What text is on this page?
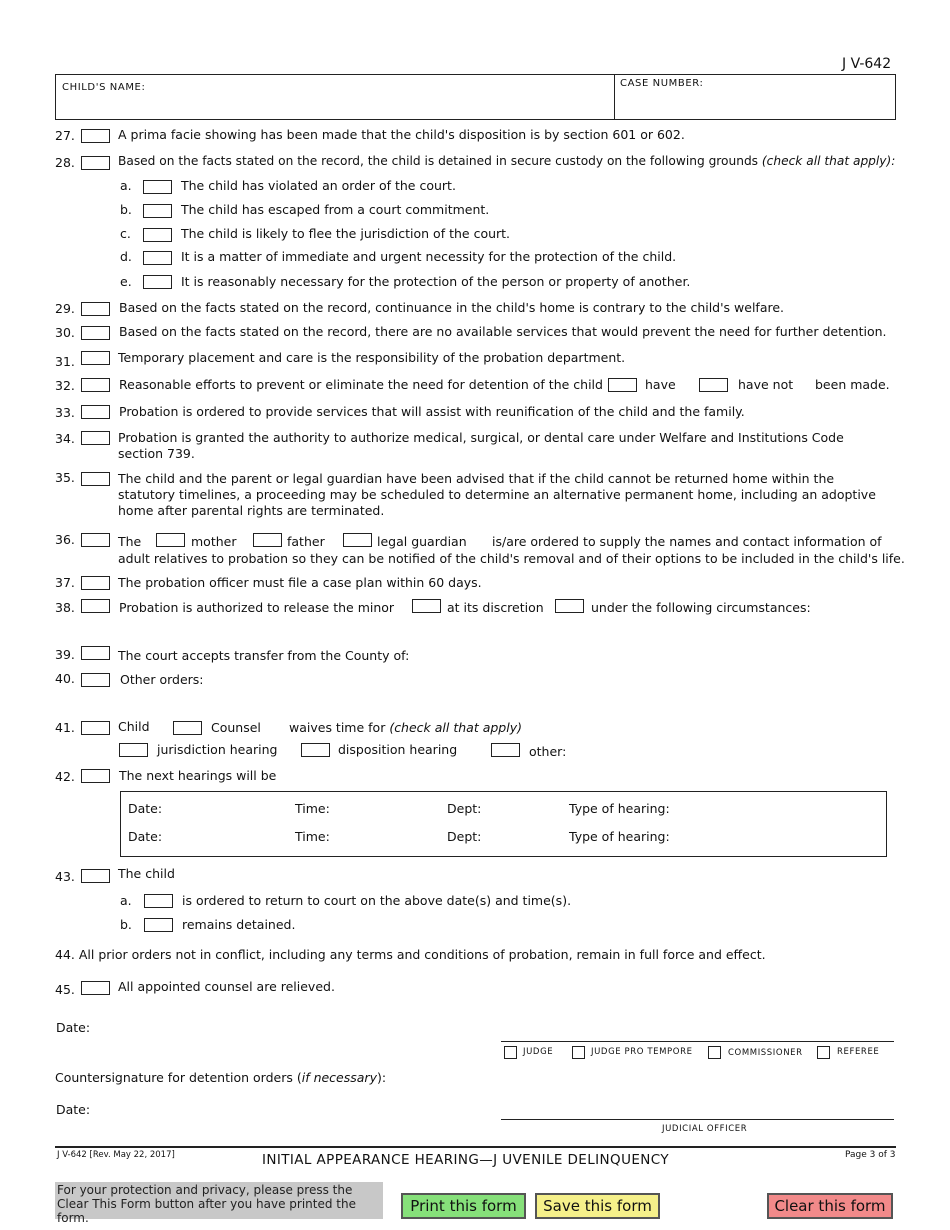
J V-642
CHILD'S NAME:	CASE NUMBER:
27.	A prima facie showing has been made that the child's disposition is by section 601 or 602.
28.	Based on the facts stated on the record, the child is detained in secure custody on the following grounds (check all that apply):
a.	The child has violated an order of the court.
b.	The child has escaped from a court commitment.
c.	The child is likely to flee the jurisdiction of the court.
d.	It is a matter of immediate and urgent necessity for the protection of the child.
e.	It is reasonably necessary for the protection of the person or property of another.
29.	Based on the facts stated on the record, continuance in the child's home is contrary to the child's welfare.
30.	Based on the facts stated on the record, there are no available services that would prevent the need for further detention.
31.	Temporary placement and care is the responsibility of the probation department.
32.	Reasonable efforts to prevent or eliminate the need for detention of the child	have	have not been made.
33.	Probation is ordered to provide services that will assist with reunification of the child and the family.
34.	Probation is granted the authority to authorize medical, surgical, or dental care under Welfare and Institutions Code section 739.
35.	The child and the parent or legal guardian have been advised that if the child cannot be returned home within the statutory timelines, a proceeding may be scheduled to determine an alternative permanent home, including an adoptive home after parental rights are terminated.
36.	The	mother	father	legal guardian is/are ordered to supply the names and contact information of
adult relatives to probation so they can be notified of the child's removal and of their options to be included in the child's life.
37.	The probation officer must file a case plan within 60 days.
38.	Probation is authorized to release the minor	at its discretion	under the following circumstances:
39.	The court accepts transfer from the County of:
40.	Other orders:
41.	Child	Counsel waives time for (check all that apply)
jurisdiction hearing	disposition hearing	other:
42.	The next hearings will be
Date:	Time:	Dept:	Type of hearing:
Date:	Time:	Dept:	Type of hearing:
43.	The child
a.	is ordered to return to court on the above date(s) and time(s).
b.	remains detained.
44. All prior orders not in conflict, including any terms and conditions of probation, remain in full force and effect.
45.	All appointed counsel are relieved.
Date:
JUDGE	JUDGE PRO TEMPORE	COMMISSIONER	REFEREE
Countersignature for detention orders (if necessary):
Date:
JUDICIAL OFFICER
J V-642 [Rev. May 22, 2017]	INITIAL APPEARANCE HEARING—J UVENILE DELINQUENCY	Page 3 of 3
For your protection and privacy, please press the Clear This Form button after you have printed the form.
Print this form	Save this form	Clear this form
